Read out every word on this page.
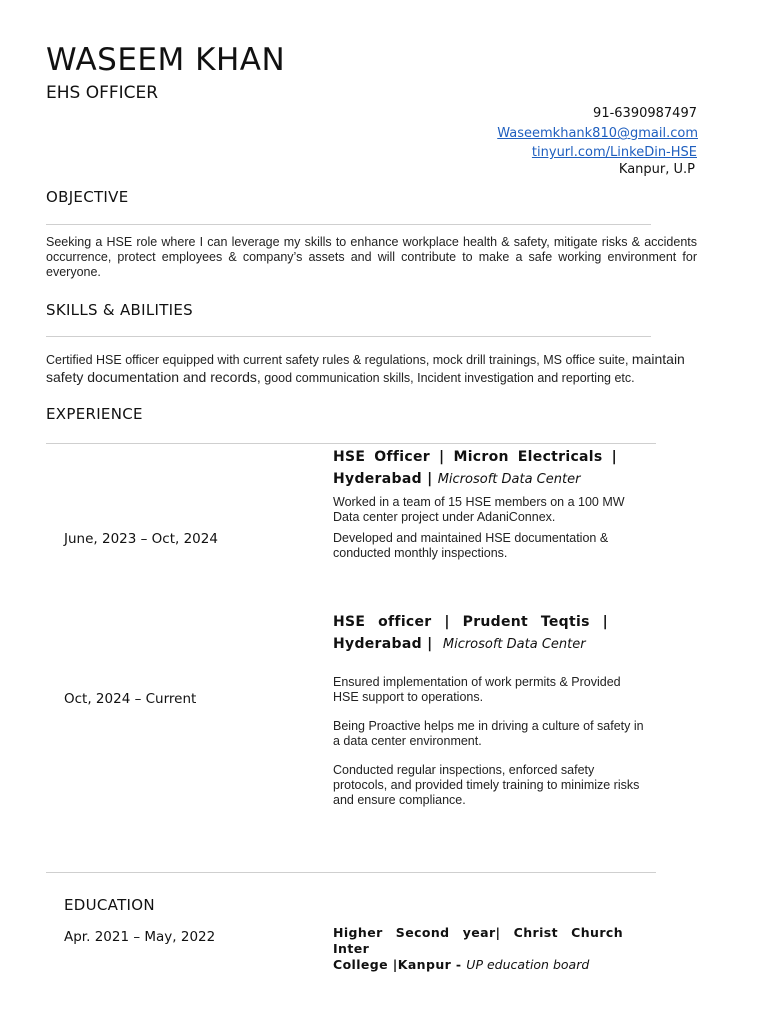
WASEEM KHAN
EHS OFFICER
91-6390987497
Waseemkhank810@gmail.com
tinyurl.com/LinkeDin-HSE
Kanpur, U.P
OBJECTIVE
Seeking a HSE role where I can leverage my skills to enhance workplace health & safety, mitigate risks & accidents occurrence, protect employees & company’s assets and will contribute to make a safe working environment for everyone.
SKILLS & ABILITIES
Certified HSE officer equipped with current safety rules & regulations, mock drill trainings, MS office suite, maintain safety documentation and records, good communication skills, Incident investigation and reporting etc.
EXPERIENCE
June, 2023 – Oct, 2024
HSE Officer | Micron Electricals |
Hyderabad | Microsoft Data Center
Worked in a team of 15 HSE members on a 100 MW Data center project under AdaniConnex.
Developed and maintained HSE documentation & conducted monthly inspections.
Oct, 2024 – Current
HSE officer | Prudent Teqtis |
Hyderabad | Microsoft Data Center
Ensured implementation of work permits & Provided HSE support to operations.
Being Proactive helps me in driving a culture of safety in a data center environment.
Conducted regular inspections, enforced safety protocols, and provided timely training to minimize risks and ensure compliance.
EDUCATION
Apr. 2021 – May, 2022	Higher Second year| Christ Church Inter
College |Kanpur - UP education board
